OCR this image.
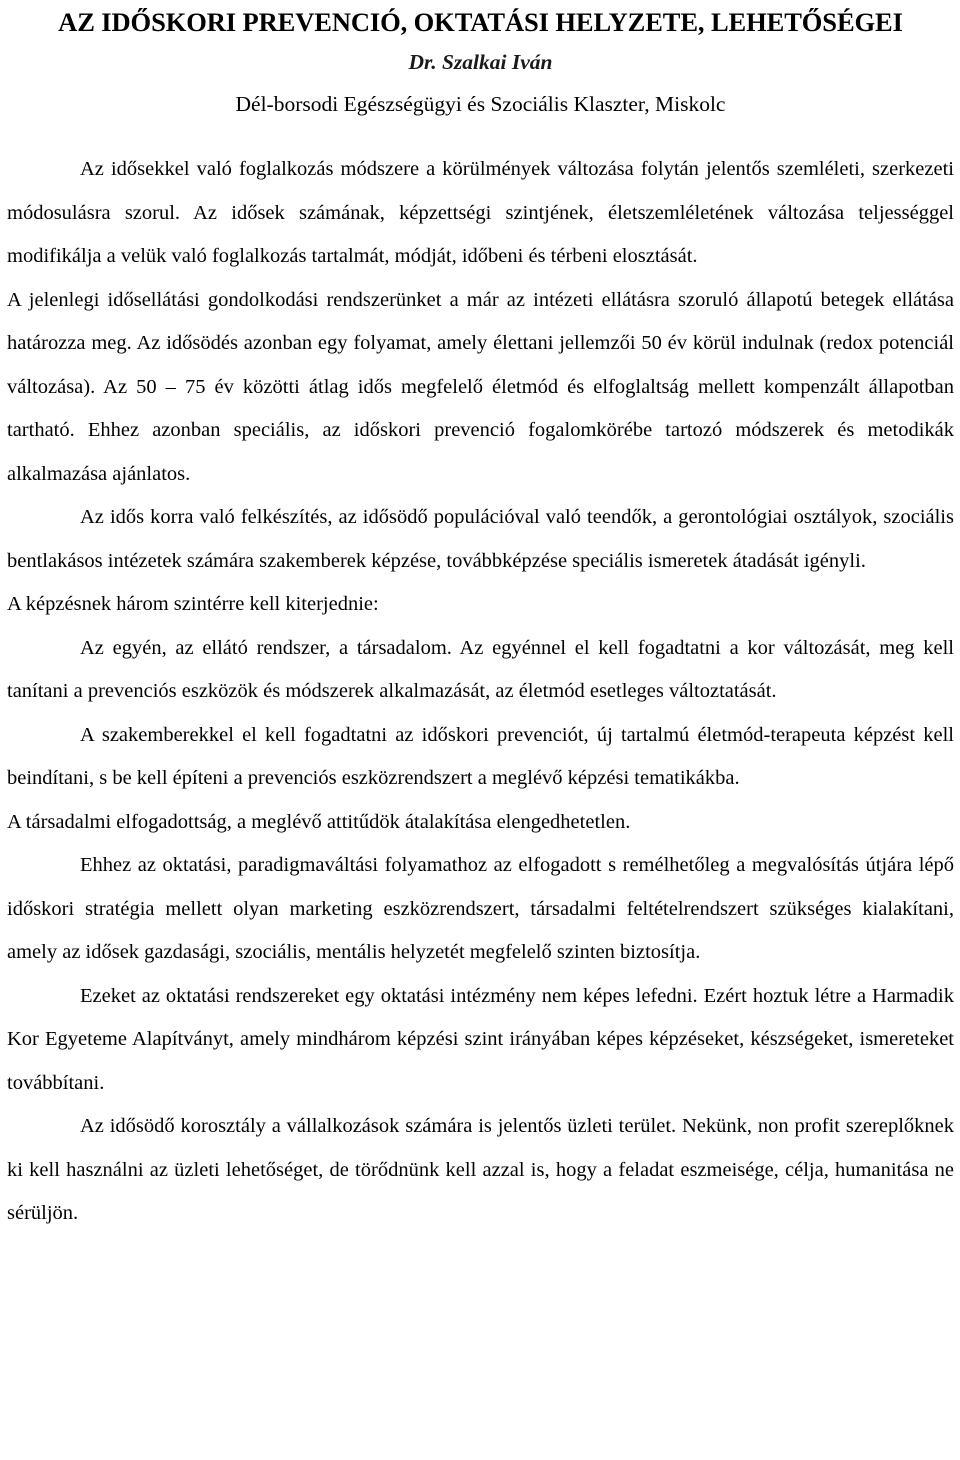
AZ IDŐSKORI PREVENCIÓ, OKTATÁSI HELYZETE, LEHETŐSÉGEI

Dr. Szalkai Iván

Dél-borsodi Egészségügyi és Szociális Klaszter, Miskolc

Az idősekkel való foglalkozás módszere a körülmények változása folytán jelentős szemléleti, szerkezeti módosulásra szorul. Az idősek számának, képzettségi szintjének, életszemléletének változása teljességgel modifikálja a velük való foglalkozás tartalmát, módját, időbeni és térbeni elosztását.

A jelenlegi idősellátási gondolkodási rendszerünket a már az intézeti ellátásra szoruló állapotú betegek ellátása határozza meg. Az idősödés azonban egy folyamat, amely élettani jellemzői 50 év körül indulnak (redox potenciál változása). Az 50 – 75 év közötti átlag idős megfelelő életmód és elfoglaltság mellett kompenzált állapotban tartható. Ehhez azonban speciális, az időskori prevenció fogalomkörébe tartozó módszerek és metodikák alkalmazása ajánlatos.

Az idős korra való felkészítés, az idősödő populációval való teendők, a gerontológiai osztályok, szociális bentlakásos intézetek számára szakemberek képzése, továbbképzése speciális ismeretek átadását igényli.

A képzésnek három szintérre kell kiterjednie:

Az egyén, az ellátó rendszer, a társadalom. Az egyénnel el kell fogadtatni a kor változását, meg kell tanítani a prevenciós eszközök és módszerek alkalmazását, az életmód esetleges változtatását.

A szakemberekkel el kell fogadtatni az időskori prevenciót, új tartalmú életmód-terapeuta képzést kell beindítani, s be kell építeni a prevenciós eszközrendszert a meglévő képzési tematikákba.

A társadalmi elfogadottság, a meglévő attitűdök átalakítása elengedhetetlen.

Ehhez az oktatási, paradigmaváltási folyamathoz az elfogadott s remélhetőleg a megvalósítás útjára lépő időskori stratégia mellett olyan marketing eszközrendszert, társadalmi feltételrendszert szükséges kialakítani, amely az idősek gazdasági, szociális, mentális helyzetét megfelelő szinten biztosítja.

Ezeket az oktatási rendszereket egy oktatási intézmény nem képes lefedni. Ezért hoztuk létre a Harmadik Kor Egyeteme Alapítványt, amely mindhárom képzési szint irányában képes képzéseket, készségeket, ismereteket továbbítani.

Az idősödő korosztály a vállalkozások számára is jelentős üzleti terület. Nekünk, non profit szereplőknek ki kell használni az üzleti lehetőséget, de törődnünk kell azzal is, hogy a feladat eszmeisége, célja, humanitása ne sérüljön.
